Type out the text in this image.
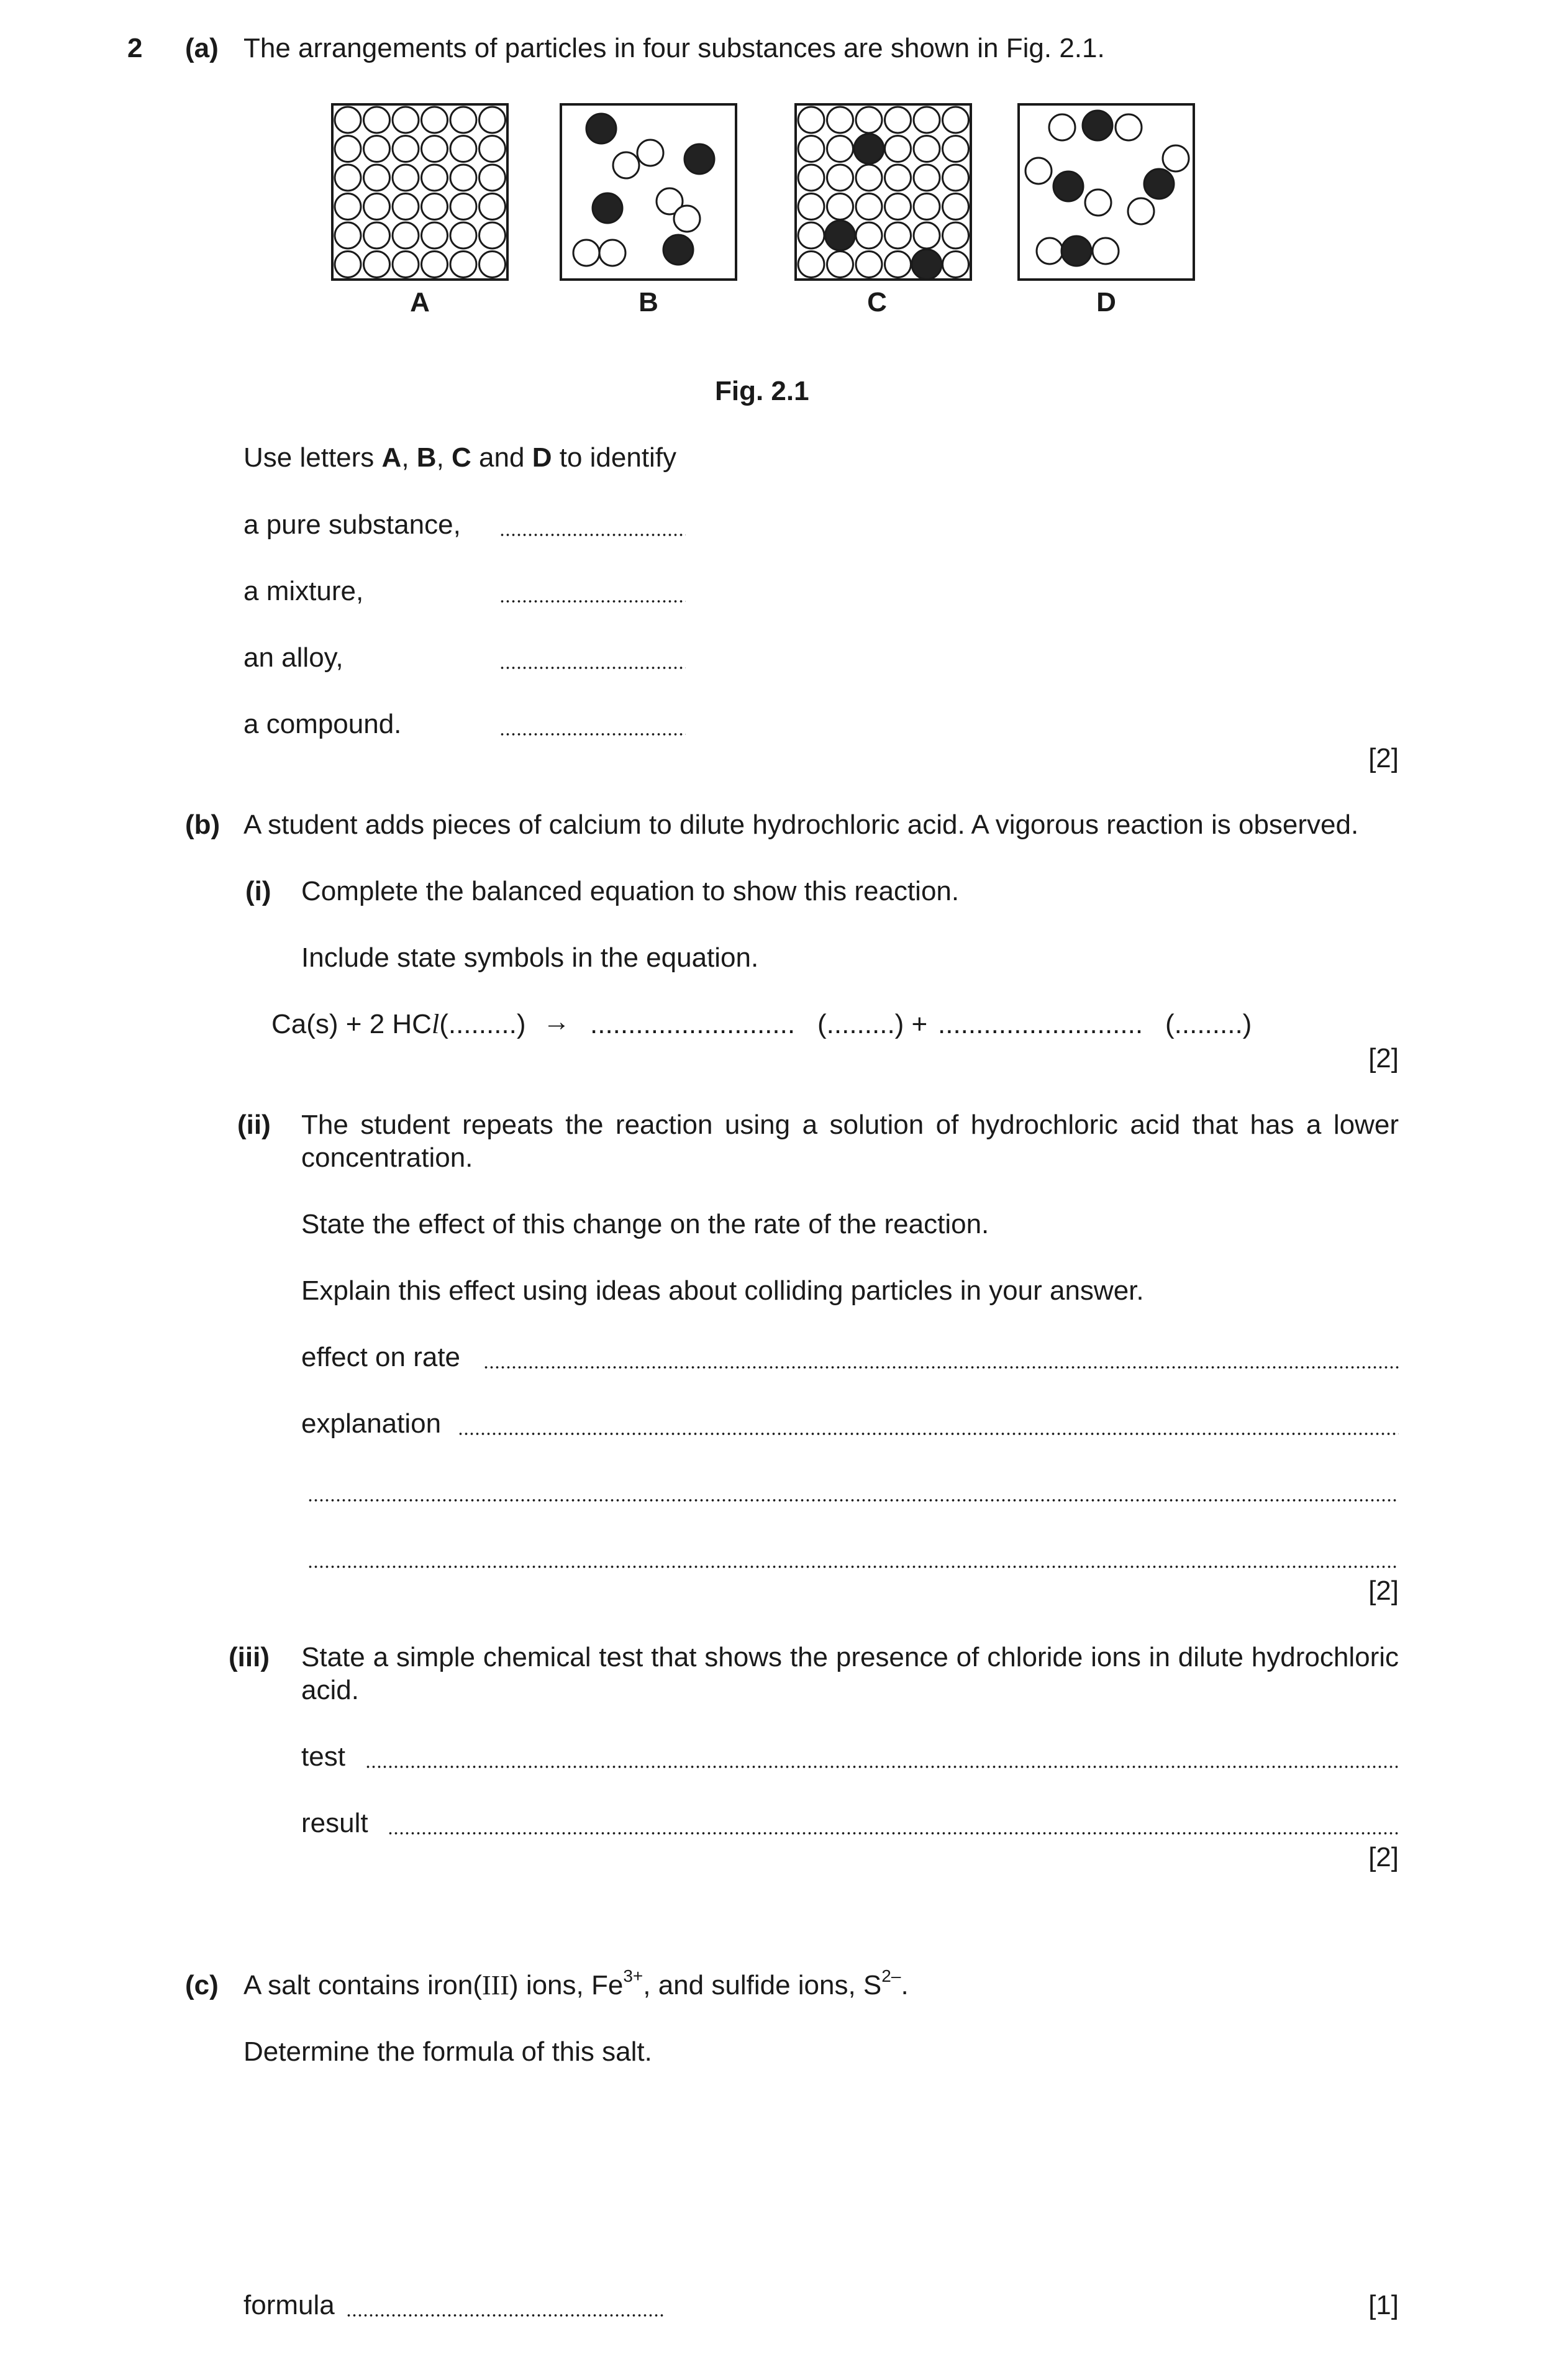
2 (a) The arrangements of particles in four substances are shown in Fig. 2.1.
A	B	C	D
Fig. 2.1
Use letters A, B, C and D to identify
a pure substance,
a mixture,
an alloy,
a compound.
[2]
(b) A student adds pieces of calcium to dilute hydrochloric acid. A vigorous reaction is observed.
(i) Complete the balanced equation to show this reaction.
Include state symbols in the equation.
Ca(s) + 2 HCl(.........) → ........................... (.........) + ........................... (.........)
[2]
(ii) The student repeats the reaction using a solution of hydrochloric acid that has a lower
concentration.
State the effect of this change on the rate of the reaction.
Explain this effect using ideas about colliding particles in your answer.
effect on rate
explanation
[2]
(iii) State a simple chemical test that shows the presence of chloride ions in dilute hydrochloric
acid.
test
result
[2]
(c) A salt contains iron(III) ions, $Fe^{3+}$, and sulfide ions, $S^{2-}$.
Determine the formula of this salt.
formula	[1]
